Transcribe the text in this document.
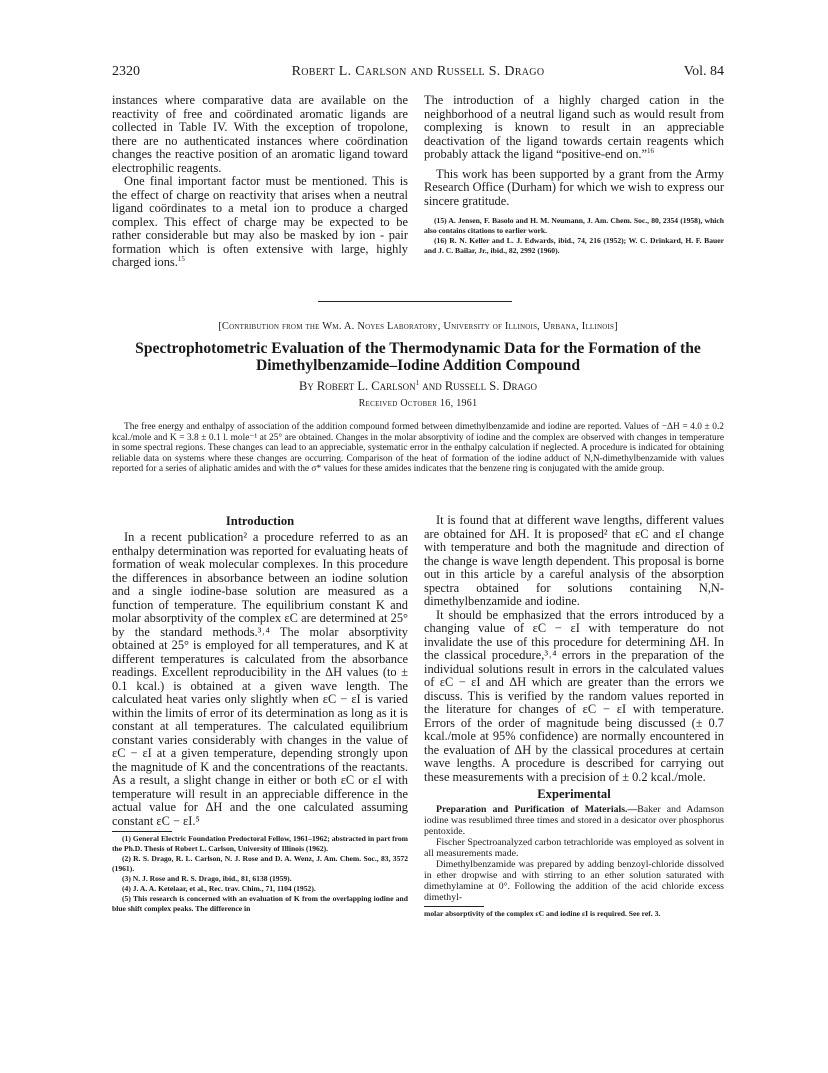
2320	Robert L. Carlson and Russell S. Drago	Vol. 84

instances where comparative data are available on the reactivity of free and coördinated aromatic ligands are collected in Table IV. With the exception of tropolone, there are no authenticated instances where coördination changes the reactive position of an aromatic ligand toward electrophilic reagents.

One final important factor must be mentioned. This is the effect of charge on reactivity that arises when a neutral ligand coördinates to a metal ion to produce a charged complex. This effect of charge may be expected to be rather considerable but may also be masked by ion - pair formation which is often extensive with large, highly charged ions.$^{15}$

The introduction of a highly charged cation in the neighborhood of a neutral ligand such as would result from complexing is known to result in an appreciable deactivation of the ligand towards certain reagents which probably attack the ligand “positive-end on.”$^{16}$

This work has been supported by a grant from the Army Research Office (Durham) for which we wish to express our sincere gratitude.

(15) A. Jensen, F. Basolo and H. M. Neumann, J. Am. Chem. Soc., 80, 2354 (1958), which also contains citations to earlier work.

(16) R. N. Keller and L. J. Edwards, ibid., 74, 216 (1952); W. C. Drinkard, H. F. Bauer and J. C. Bailar, Jr., ibid., 82, 2992 (1960).

[Contribution from the Wm. A. Noyes Laboratory, University of Illinois, Urbana, Illinois]

Spectrophotometric Evaluation of the Thermodynamic Data for the Formation of the Dimethylbenzamide–Iodine Addition Compound

By Robert L. Carlson$^1$ and Russell S. Drago
Received October 16, 1961

The free energy and enthalpy of association of the addition compound formed between dimethylbenzamide and iodine are reported. Values of −ΔH = 4.0 ± 0.2 kcal./mole and K = 3.8 ± 0.1 l. mole⁻¹ at 25° are obtained. Changes in the molar absorptivity of iodine and the complex are observed with changes in temperature in some spectral regions. These changes can lead to an appreciable, systematic error in the enthalpy calculation if neglected. A procedure is indicated for obtaining reliable data on systems where these changes are occurring. Comparison of the heat of formation of the iodine adduct of N,N-dimethylbenzamide with values reported for a series of aliphatic amides and with the σ* values for these amides indicates that the benzene ring is conjugated with the amide group.

Introduction

In a recent publication² a procedure referred to as an enthalpy determination was reported for evaluating heats of formation of weak molecular complexes. In this procedure the differences in absorbance between an iodine solution and a single iodine-base solution are measured as a function of temperature. The equilibrium constant K and molar absorptivity of the complex εC are determined at 25° by the standard methods.³˒⁴ The molar absorptivity obtained at 25° is employed for all temperatures, and K at different temperatures is calculated from the absorbance readings. Excellent reproducibility in the ΔH values (to ± 0.1 kcal.) is obtained at a given wave length. The calculated heat varies only slightly when εC − εI is varied within the limits of error of its determination as long as it is constant at all temperatures. The calculated equilibrium constant varies considerably with changes in the value of εC − εI at a given temperature, depending strongly upon the magnitude of K and the concentrations of the reactants. As a result, a slight change in either or both εC or εI with temperature will result in an appreciable difference in the actual value for ΔH and the one calculated assuming constant εC − εI.⁵

(1) General Electric Foundation Predoctoral Fellow, 1961–1962; abstracted in part from the Ph.D. Thesis of Robert L. Carlson, University of Illinois (1962).

(2) R. S. Drago, R. L. Carlson, N. J. Rose and D. A. Wenz, J. Am. Chem. Soc., 83, 3572 (1961).

(3) N. J. Rose and R. S. Drago, ibid., 81, 6138 (1959).

(4) J. A. A. Ketelaar, et al., Rec. trav. Chim., 71, 1104 (1952).

(5) This research is concerned with an evaluation of K from the overlapping iodine and blue shift complex peaks. The difference in

It is found that at different wave lengths, different values are obtained for ΔH. It is proposed² that εC and εI change with temperature and both the magnitude and direction of the change is wave length dependent. This proposal is borne out in this article by a careful analysis of the absorption spectra obtained for solutions containing N,N-dimethylbenzamide and iodine.

It should be emphasized that the errors introduced by a changing value of εC − εI with temperature do not invalidate the use of this procedure for determining ΔH. In the classical procedure,³˒⁴ errors in the preparation of the individual solutions result in errors in the calculated values of εC − εI and ΔH which are greater than the errors we discuss. This is verified by the random values reported in the literature for changes of εC − εI with temperature. Errors of the order of magnitude being discussed (± 0.7 kcal./mole at 95% confidence) are normally encountered in the evaluation of ΔH by the classical procedures at certain wave lengths. A procedure is described for carrying out these measurements with a precision of ± 0.2 kcal./mole.

Experimental

Preparation and Purification of Materials.—Baker and Adamson iodine was resublimed three times and stored in a desicator over phosphorus pentoxide.

Fischer Spectroanalyzed carbon tetrachloride was employed as solvent in all measurements made.

Dimethylbenzamide was prepared by adding benzoyl-chloride dissolved in ether dropwise and with stirring to an ether solution saturated with dimethylamine at 0°. Following the addition of the acid chloride excess dimethyl-

molar absorptivity of the complex εC and iodine εI is required. See ref. 3.
